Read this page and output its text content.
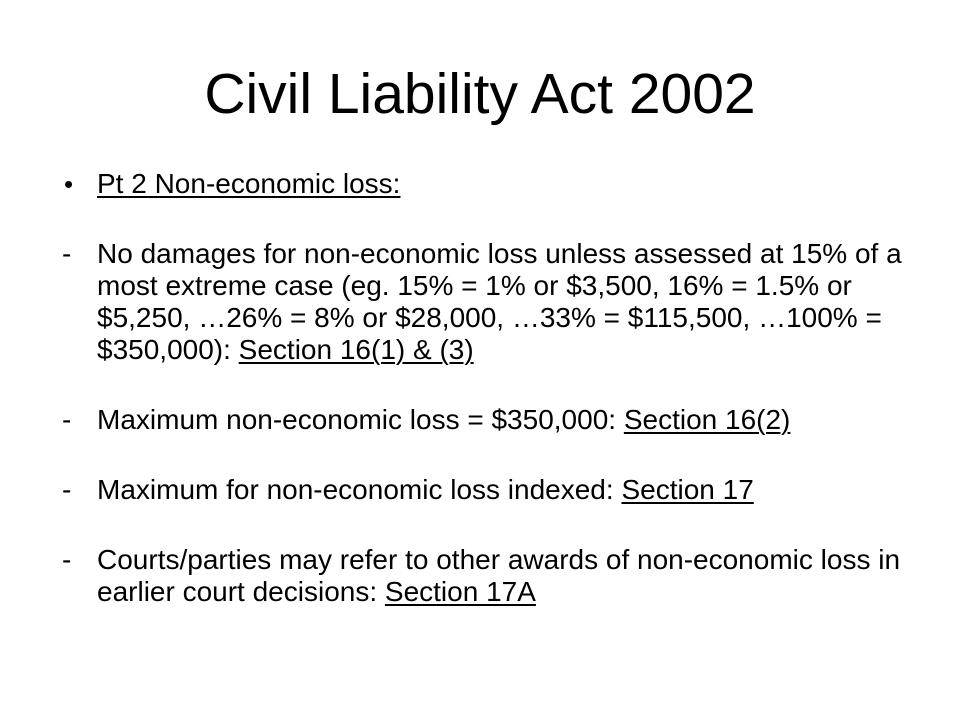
Civil Liability Act 2002
• Pt 2 Non-economic loss:
- No damages for non-economic loss unless assessed at 15% of a most extreme case (eg. 15% = 1% or $3,500, 16% = 1.5% or $5,250, …26% = 8% or $28,000, …33% = $115,500, …100% = $350,000): Section 16(1) & (3)
- Maximum non-economic loss = $350,000: Section 16(2)
- Maximum for non-economic loss indexed: Section 17
- Courts/parties may refer to other awards of non-economic loss in earlier court decisions: Section 17A
